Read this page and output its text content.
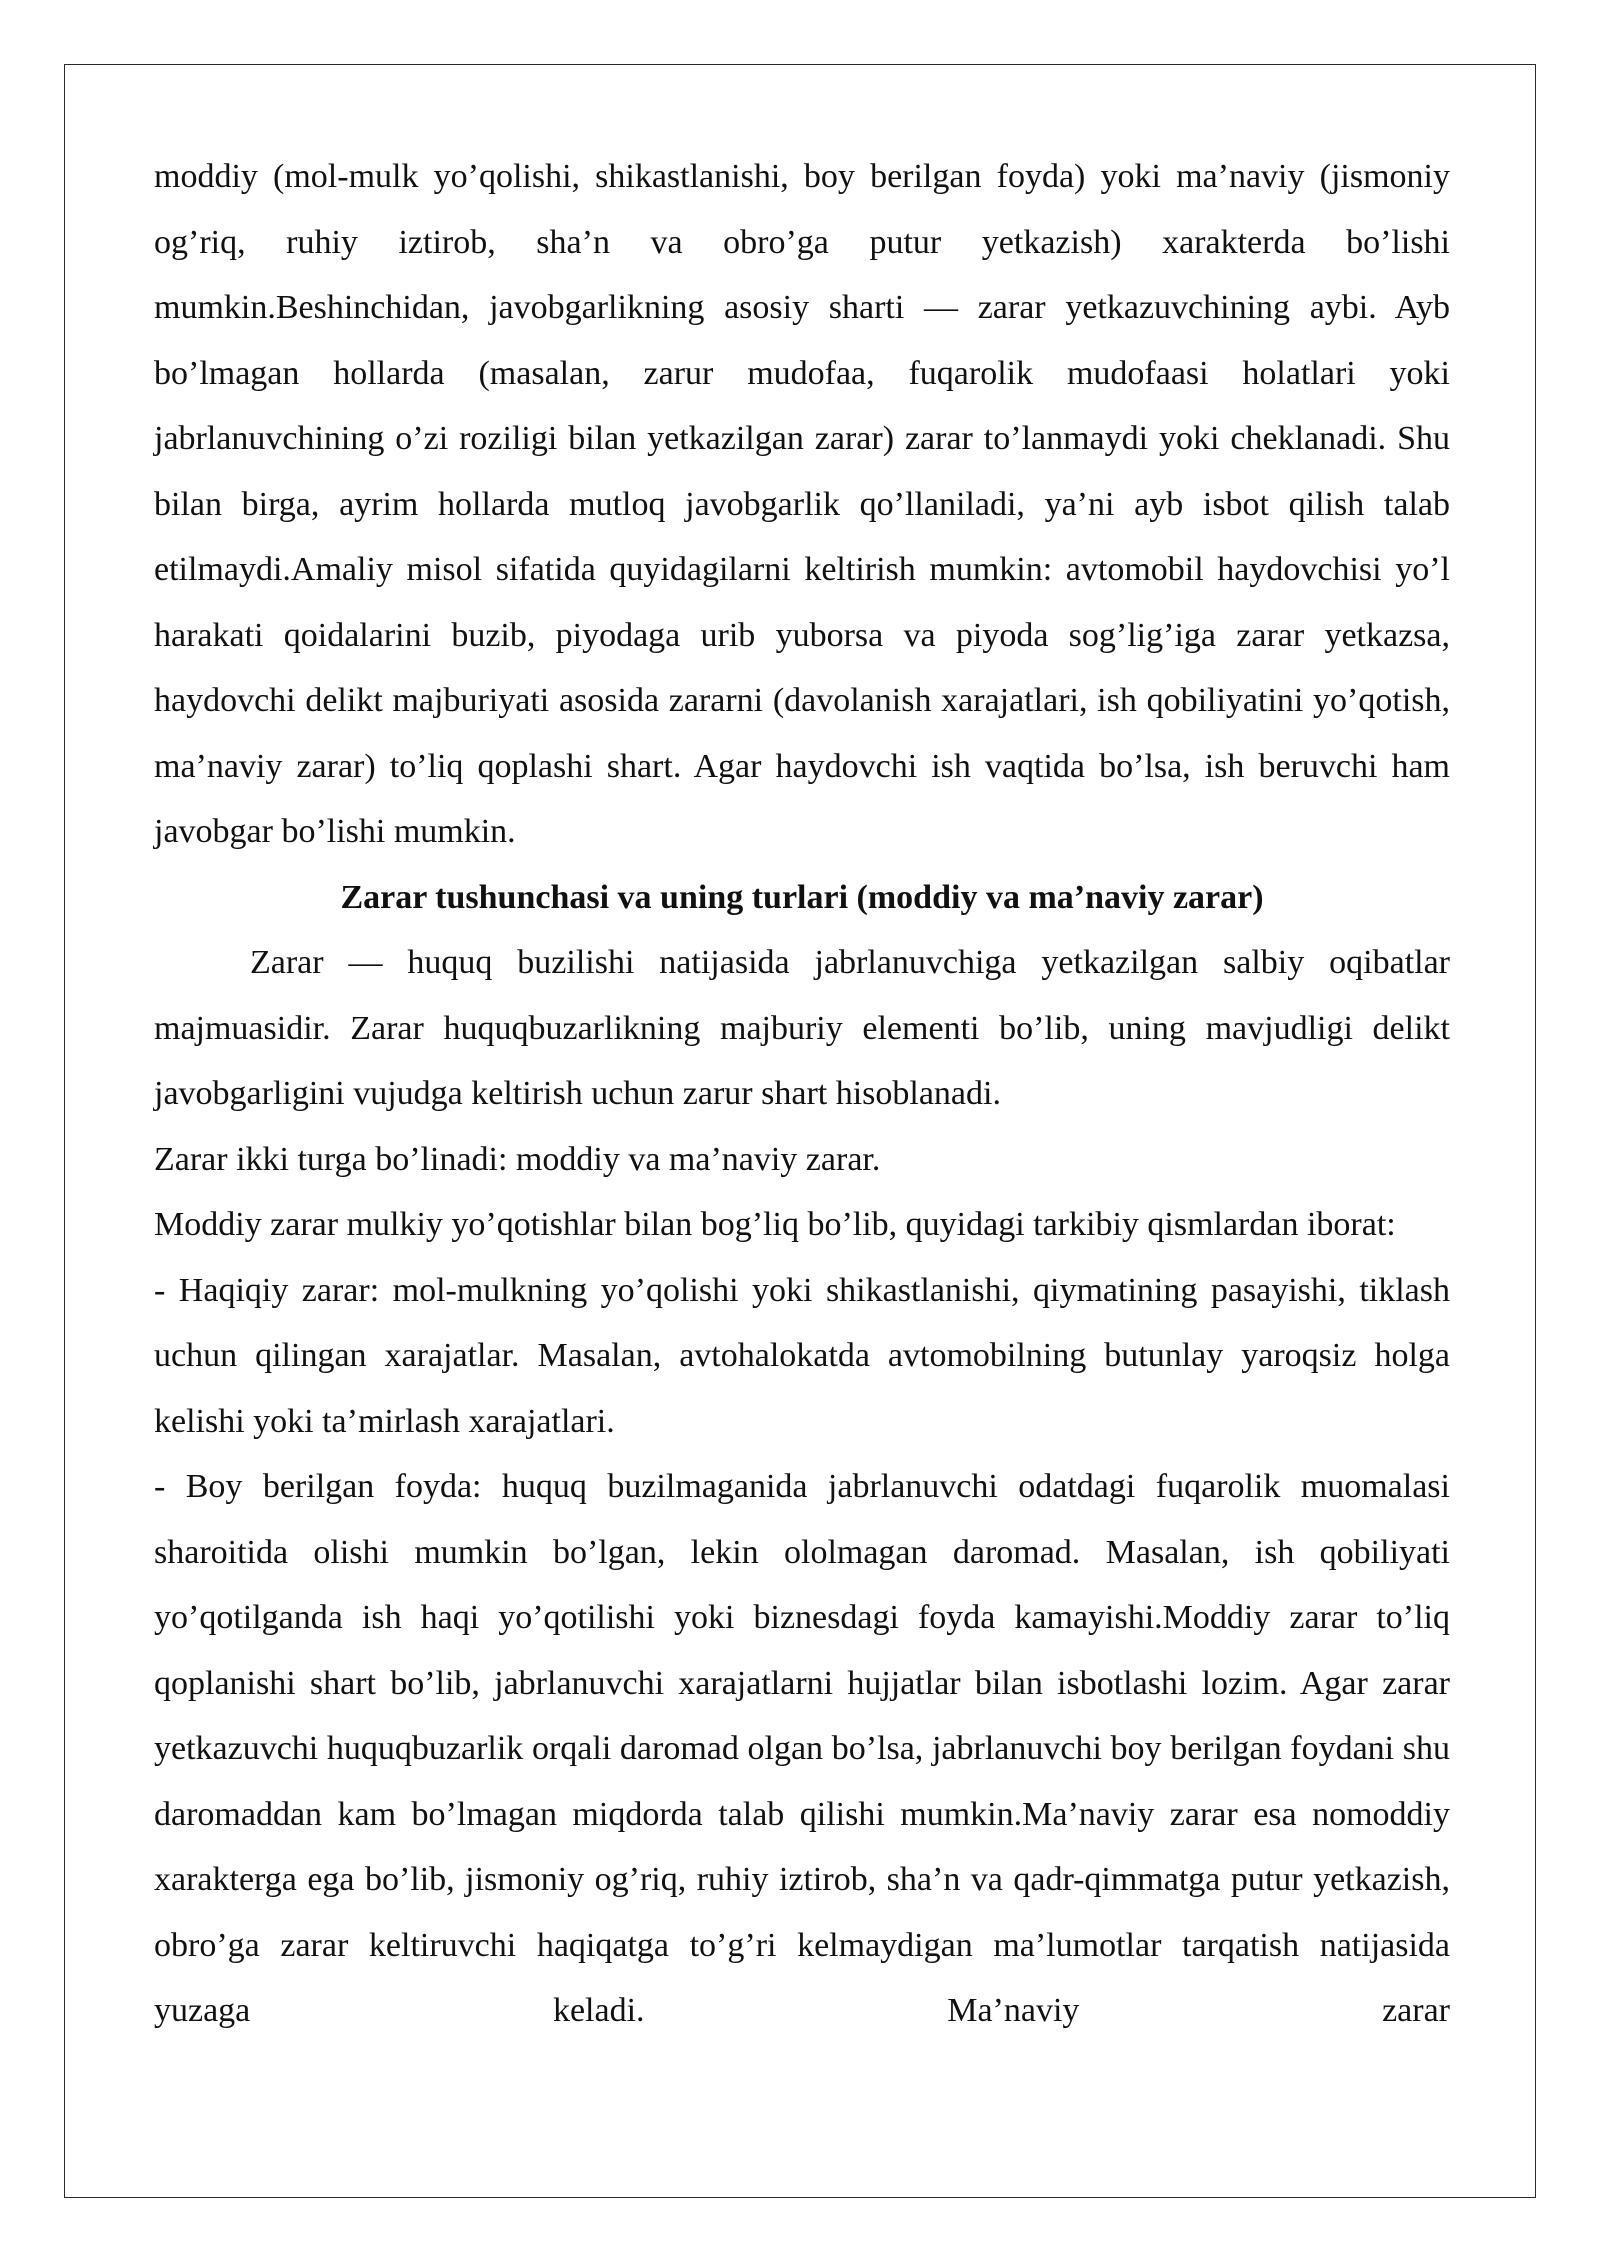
moddiy (mol-mulk yo’qolishi, shikastlanishi, boy berilgan foyda) yoki ma’naviy (jismoniy og’riq, ruhiy iztirob, sha’n va obro’ga putur yetkazish) xarakterda bo’lishi mumkin.Beshinchidan, javobgarlikning asosiy sharti — zarar yetkazuvchining aybi. Ayb bo’lmagan hollarda (masalan, zarur mudofaa, fuqarolik mudofaasi holatlari yoki jabrlanuvchining o’zi roziligi bilan yetkazilgan zarar) zarar to’lanmaydi yoki cheklanadi. Shu bilan birga, ayrim hollarda mutloq javobgarlik qo’llaniladi, ya’ni ayb isbot qilish talab etilmaydi.Amaliy misol sifatida quyidagilarni keltirish mumkin: avtomobil haydovchisi yo’l harakati qoidalarini buzib, piyodaga urib yuborsa va piyoda sog’lig’iga zarar yetkazsa, haydovchi delikt majburiyati asosida zararni (davolanish xarajatlari, ish qobiliyatini yo’qotish, ma’naviy zarar) to’liq qoplashi shart. Agar haydovchi ish vaqtida bo’lsa, ish beruvchi ham javobgar bo’lishi mumkin.

Zarar tushunchasi va uning turlari (moddiy va ma’naviy zarar)

Zarar — huquq buzilishi natijasida jabrlanuvchiga yetkazilgan salbiy oqibatlar majmuasidir. Zarar huquqbuzarlikning majburiy elementi bo’lib, uning mavjudligi delikt javobgarligini vujudga keltirish uchun zarur shart hisoblanadi.

Zarar ikki turga bo’linadi: moddiy va ma’naviy zarar.

Moddiy zarar mulkiy yo’qotishlar bilan bog’liq bo’lib, quyidagi tarkibiy qismlardan iborat:

- Haqiqiy zarar: mol-mulkning yo’qolishi yoki shikastlanishi, qiymatining pasayishi, tiklash uchun qilingan xarajatlar. Masalan, avtohalokatda avtomobilning butunlay yaroqsiz holga kelishi yoki ta’mirlash xarajatlari.

- Boy berilgan foyda: huquq buzilmaganida jabrlanuvchi odatdagi fuqarolik muomalasi sharoitida olishi mumkin bo’lgan, lekin ololmagan daromad. Masalan, ish qobiliyati yo’qotilganda ish haqi yo’qotilishi yoki biznesdagi foyda kamayishi.Moddiy zarar to’liq qoplanishi shart bo’lib, jabrlanuvchi xarajatlarni hujjatlar bilan isbotlashi lozim. Agar zarar yetkazuvchi huquqbuzarlik orqali daromad olgan bo’lsa, jabrlanuvchi boy berilgan foydani shu daromaddan kam bo’lmagan miqdorda talab qilishi mumkin.Ma’naviy zarar esa nomoddiy xarakterga ega bo’lib, jismoniy og’riq, ruhiy iztirob, sha’n va qadr-qimmatga putur yetkazish, obro’ga zarar keltiruvchi haqiqatga to’g’ri kelmaydigan ma’lumotlar tarqatish natijasida yuzaga keladi. Ma’naviy zarar
